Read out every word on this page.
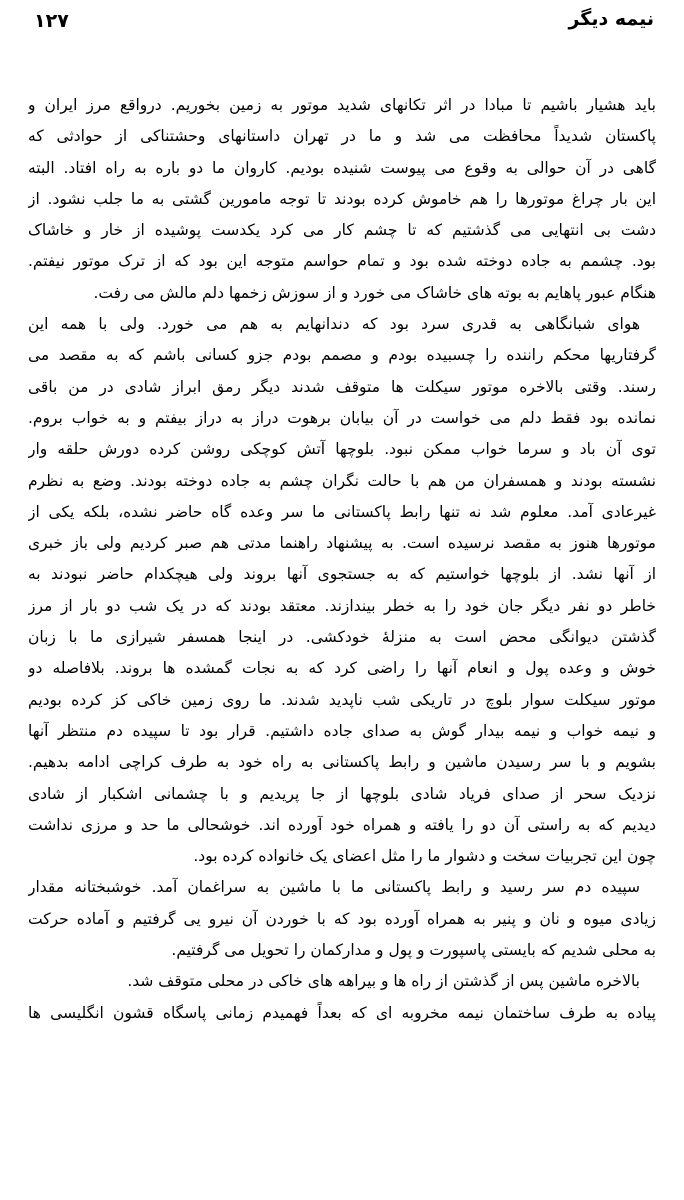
۱۲۷	نیمه دیگر
باید هشیار باشیم تا مبادا در اثر تکانهای شدید موتور به زمین بخوریم. درواقع مرز ایران و
پاکستان شدیداً محافظت می شد و ما در تهران داستانهای وحشتناکی از حوادثی که
گاهی در آن حوالی به وقوع می پیوست شنیده بودیم. کاروان ما دو باره به راه افتاد. البته
این بار چراغ موتورها را هم خاموش کرده بودند تا توجه مامورین گشتی به ما جلب نشود. از
دشت بی انتهایی می گذشتیم که تا چشم کار می کرد یکدست پوشیده از خار و خاشاک
بود. چشمم به جاده دوخته شده بود و تمام حواسم متوجه این بود که از ترک موتور نیفتم.
هنگام عبور پاهایم به بوته های خاشاک می خورد و از سوزش زخمها دلم مالش می رفت.
هوای شبانگاهی به قدری سرد بود که دندانهایم به هم می خورد. ولی با همه این
گرفتاریها محکم راننده را چسبیده بودم و مصمم بودم جزو کسانی باشم که به مقصد می
رسند. وقتی بالاخره موتور سیکلت ها متوقف شدند دیگر رمق ابراز شادی در من باقی
نمانده بود فقط دلم می خواست در آن بیابان برهوت دراز به دراز بیفتم و به خواب بروم.
توی آن باد و سرما خواب ممکن نبود. بلوچها آتش کوچکی روشن کرده دورش حلقه وار
نشسته بودند و همسفران من هم با حالت نگران چشم به جاده دوخته بودند. وضع به نظرم
غیرعادی آمد. معلوم شد نه تنها رابط پاکستانی ما سر وعده گاه حاضر نشده، بلکه یکی از
موتورها هنوز به مقصد نرسیده است. به پیشنهاد راهنما مدتی هم صبر کردیم ولی باز خبری
از آنها نشد. از بلوچها خواستیم که به جستجوی آنها بروند ولی هیچکدام حاضر نبودند به
خاطر دو نفر دیگر جان خود را به خطر بیندازند. معتقد بودند که در یک شب دو بار از مرز
گذشتن دیوانگی محض است به منزلهٔ خودکشی. در اینجا همسفر شیرازی ما با زبان
خوش و وعده پول و انعام آنها را راضی کرد که به نجات گمشده ها بروند. بلافاصله دو
موتور سیکلت سوار بلوچ در تاریکی شب ناپدید شدند. ما روی زمین خاکی کز کرده بودیم
و نیمه خواب و نیمه بیدار گوش به صدای جاده داشتیم. قرار بود تا سپیده دم منتظر آنها
بشویم و با سر رسیدن ماشین و رابط پاکستانی به راه خود به طرف کراچی ادامه بدهیم.
نزدیک سحر از صدای فریاد شادی بلوچها از جا پریدیم و با چشمانی اشکبار از شادی
دیدیم که به راستی آن دو را یافته و همراه خود آورده اند. خوشحالی ما حد و مرزی نداشت
چون این تجربیات سخت و دشوار ما را مثل اعضای یک خانواده کرده بود.
سپیده دم سر رسید و رابط پاکستانی ما با ماشین به سراغمان آمد. خوشبختانه مقدار
زیادی میوه و نان و پنیر به همراه آورده بود که با خوردن آن نیرو یی گرفتیم و آماده حرکت
به محلی شدیم که بایستی پاسپورت و پول و مدارکمان را تحویل می گرفتیم.
بالاخره ماشین پس از گذشتن از راه ها و بیراهه های خاکی در محلی متوقف شد.
پیاده به طرف ساختمان نیمه مخروبه ای که بعداً فهمیدم زمانی پاسگاه قشون انگلیسی ها
